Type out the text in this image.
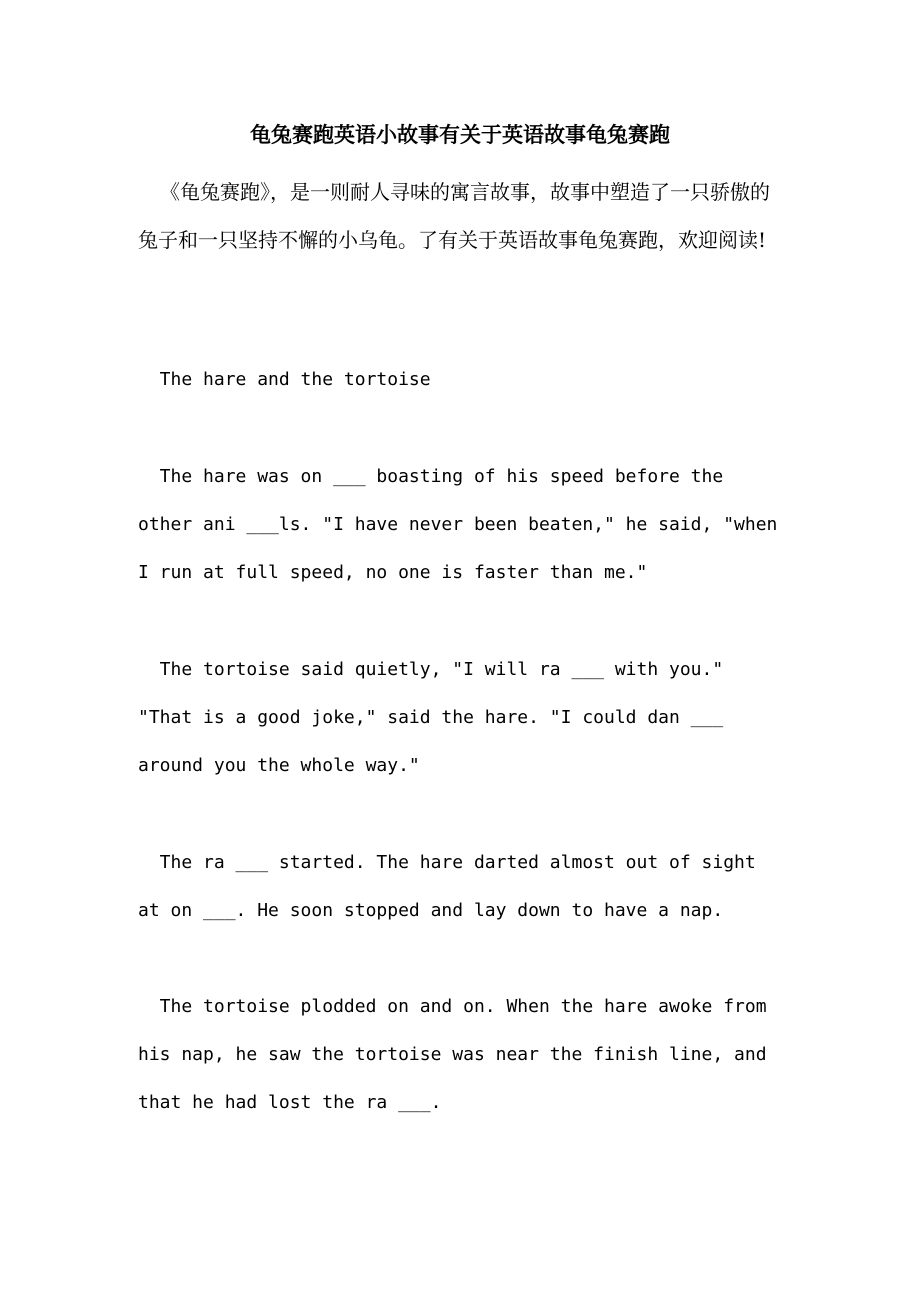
龟兔赛跑英语小故事有关于英语故事龟兔赛跑

《龟兔赛跑》，是一则耐人寻味的寓言故事，故事中塑造了一只骄傲的兔子和一只坚持不懈的小乌龟。了有关于英语故事龟兔赛跑，欢迎阅读!

The hare and the tortoise
The hare was on ___ boasting of his speed before the
other ani ___ls. "I have never been beaten," he said, "when
I run at full speed, no one is faster than me."
The tortoise said quietly, "I will ra ___ with you."
"That is a good joke," said the hare. "I could dan ___
around you the whole way."
The ra ___ started. The hare darted almost out of sight
at on ___. He soon stopped and lay down to have a nap.
The tortoise plodded on and on. When the hare awoke from
his nap, he saw the tortoise was near the finish line, and
that he had lost the ra ___.
